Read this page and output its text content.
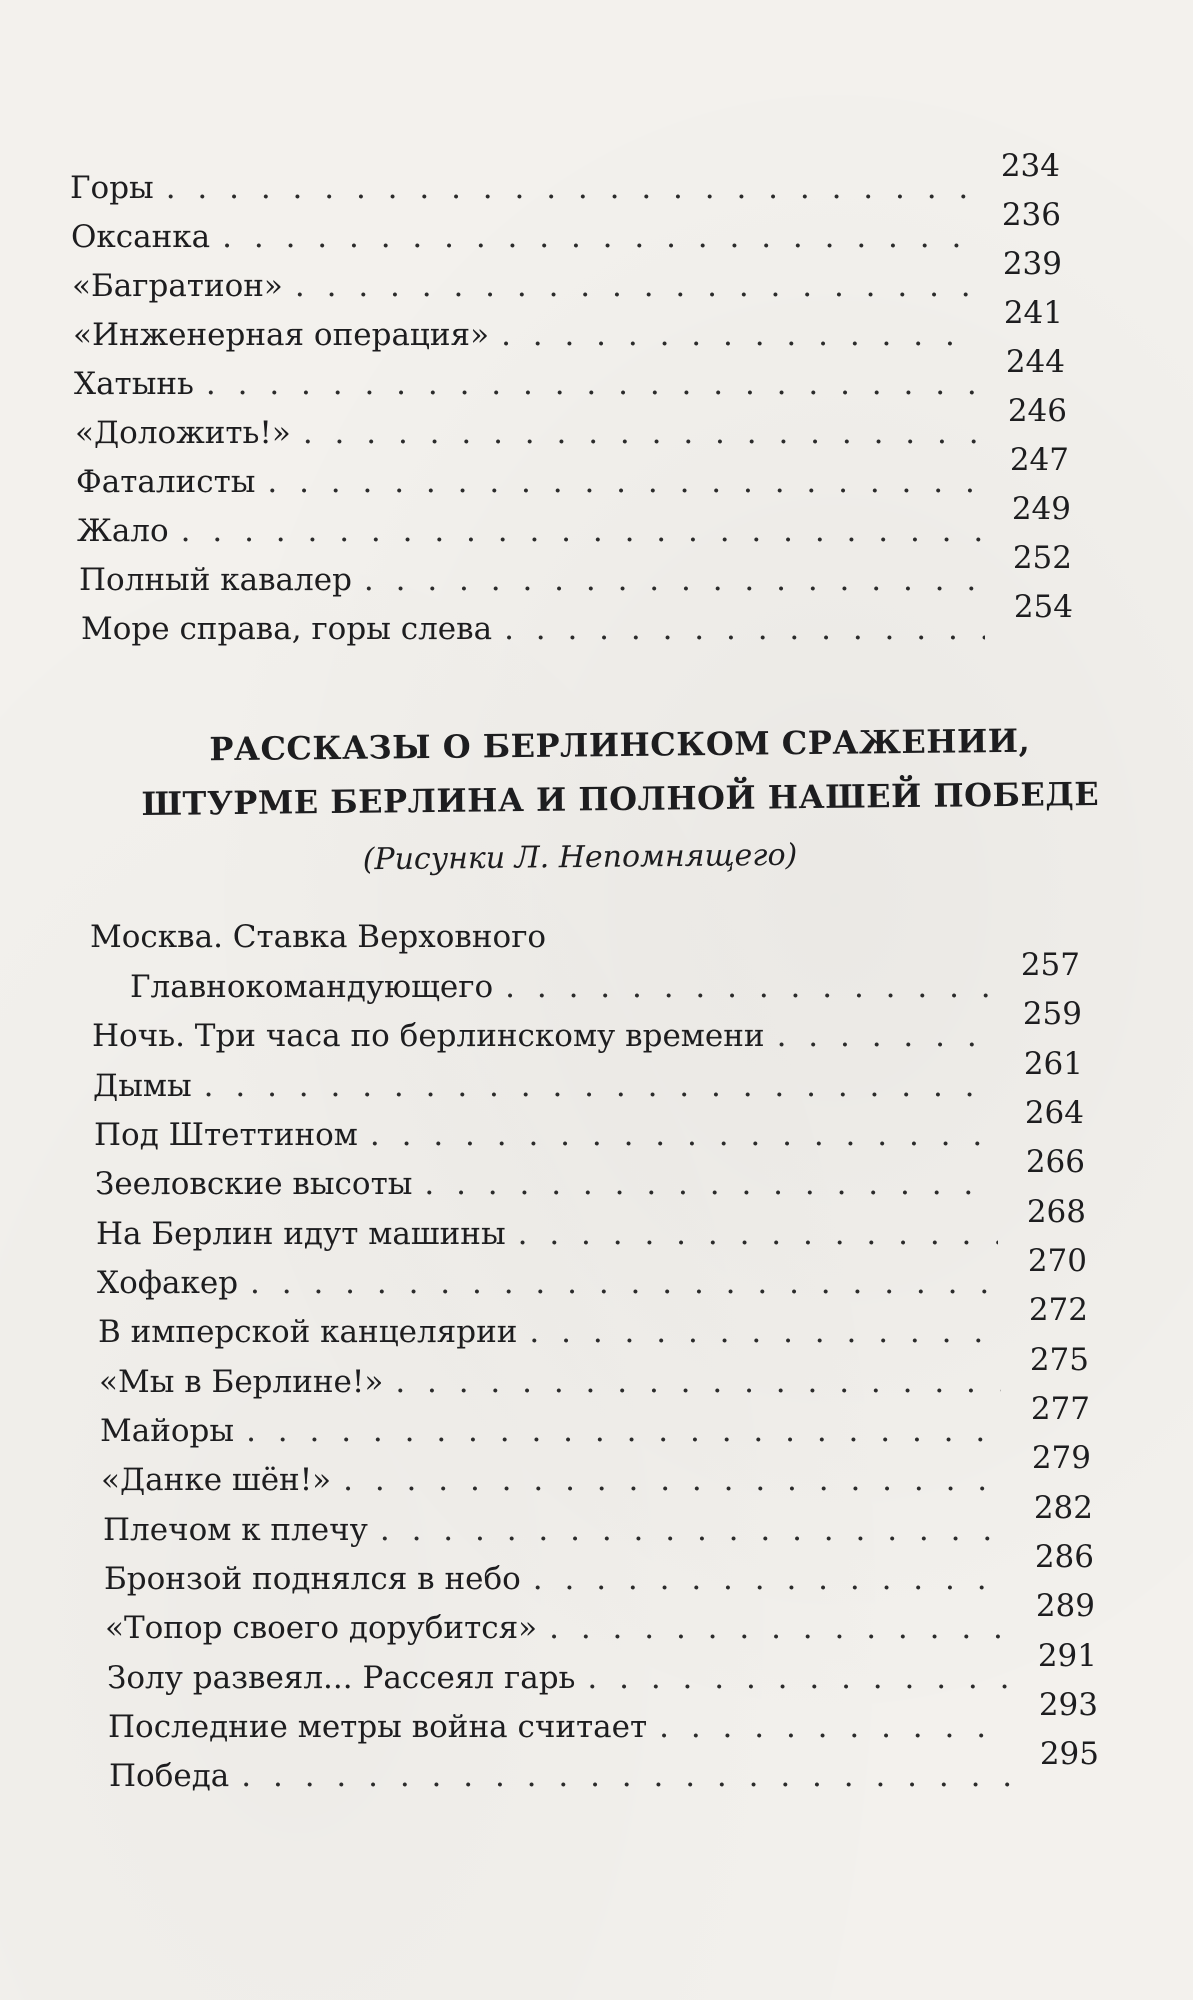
Горы
. . .
234
Оксанка
. . .
236
«Багратион»
. . .
239
«Инженерная операция»
. . .
241
Хатынь
. . .
244
«Доложить!»
. . .
246
Фаталисты
. . .
247
Жало
. . .
249
Полный кавалер
. . .
252
Море справа, горы слева
. . .
254
РАССКАЗЫ О БЕРЛИНСКОМ СРАЖЕНИИ,
ШТУРМЕ БЕРЛИНА И ПОЛНОЙ НАШЕЙ ПОБЕДЕ
(Рисунки Л. Непомнящего)
Москва. Ставка Верховного
Главнокомандующего
. . .
257
Ночь. Три часа по берлинскому времени
. . .
259
Дымы
. . .
261
Под Штеттином
. . .
264
Зееловские высоты
. . .
266
На Берлин идут машины
. . .
268
Хофакер
. . .
270
В имперской канцелярии
. . .
272
«Мы в Берлине!»
. . .
275
Майоры
. . .
277
«Данке шён!»
. . .
279
Плечом к плечу
. . .
282
Бронзой поднялся в небо
. . .
286
«Топор своего дорубится»
. . .
289
Золу развеял... Рассеял гарь
. . .
291
Последние метры война считает
. . .
293
Победа
. . .
295
